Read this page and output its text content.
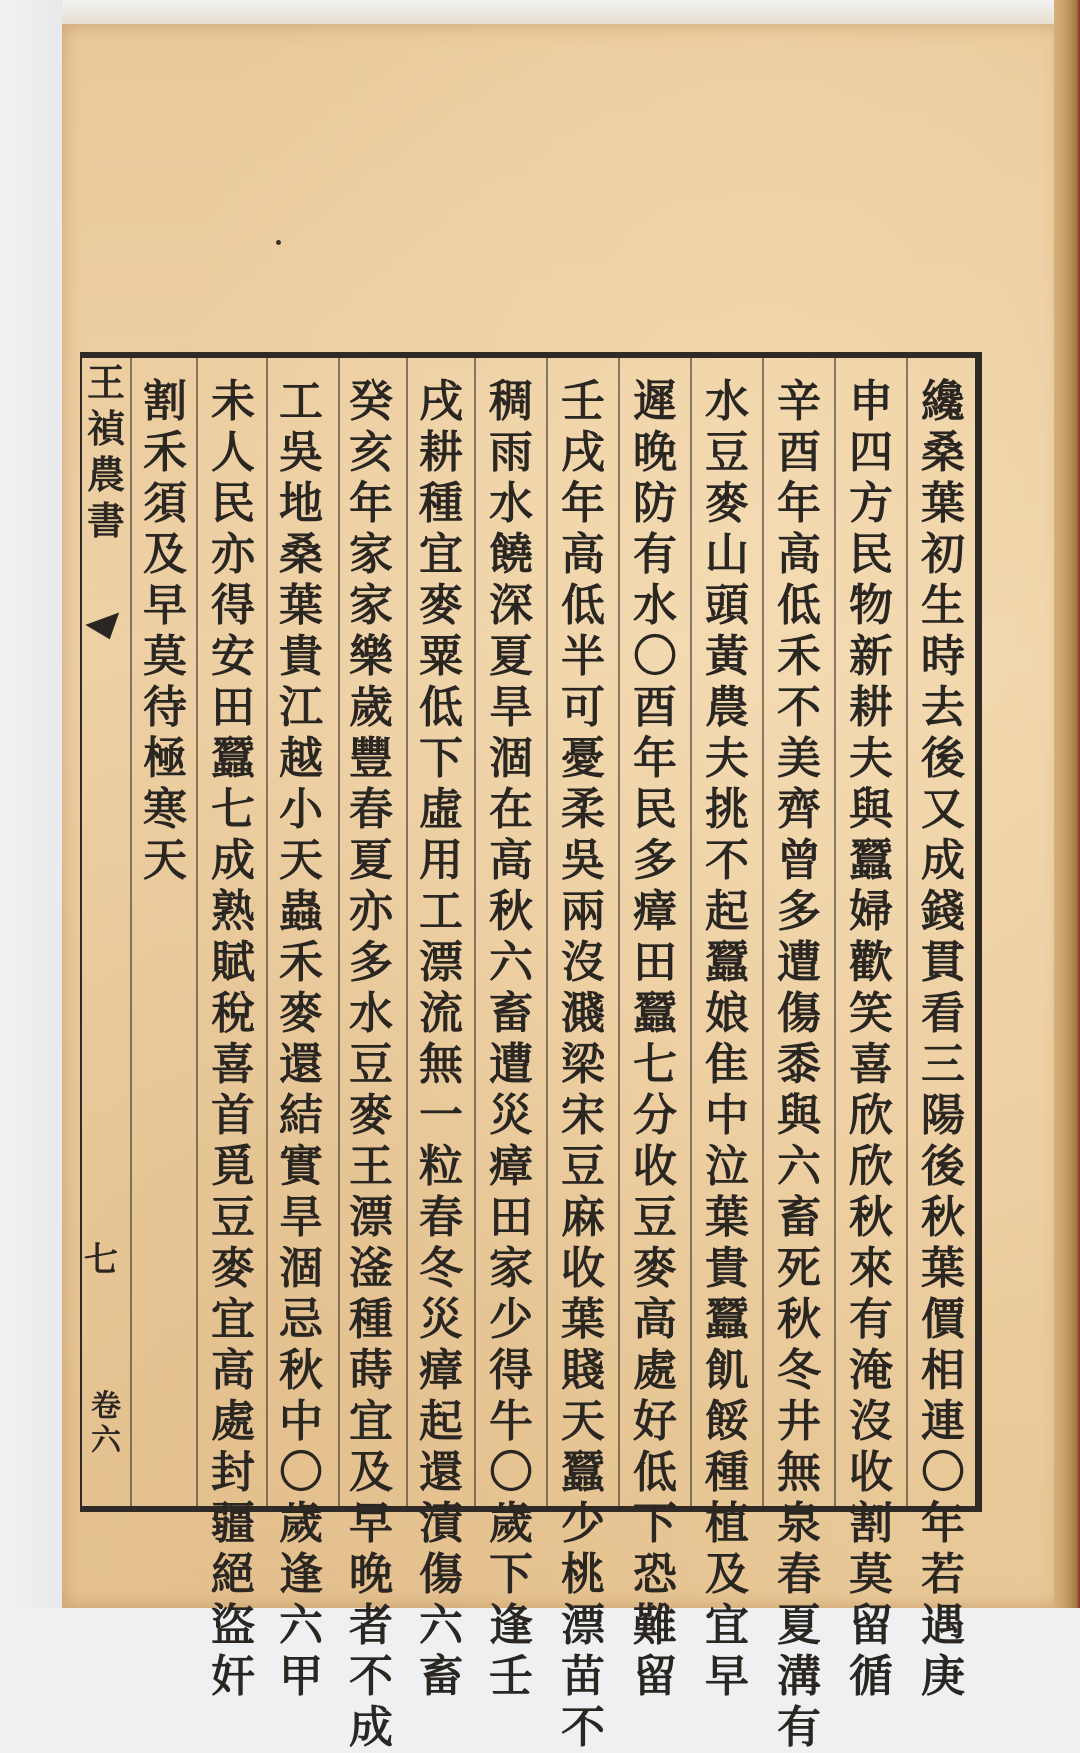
纔
桑
葉
初
生
時
去
後
又
成
錢
貫
看
三
陽
後
秋
葉
價
相
連
〇
年
若
遇
庚
申
四
方
民
物
新
耕
夫
與
蠶
婦
歡
笑
喜
欣
欣
秋
來
有
淹
沒
收
割
莫
留
循
辛
酉
年
高
低
禾
不
美
齊
曾
多
遭
傷
黍
與
六
畜
死
秋
冬
井
無
泉
春
夏
溝
有
水
豆
麥
山
頭
黃
農
夫
挑
不
起
蠶
娘
隹
中
泣
葉
貴
蠶
飢
餒
種
植
及
宜
早
遲
晚
防
有
水
〇
酉
年
民
多
瘴
田
蠶
七
分
收
豆
麥
高
處
好
低
下
恐
難
留
壬
戌
年
高
低
半
可
憂
柔
吳
兩
沒
濺
梁
宋
豆
麻
收
葉
賤
天
蠶
少
桃
漂
苗
不
稠
雨
水
饒
深
夏
旱
涸
在
高
秋
六
畜
遭
災
瘴
田
家
少
得
牛
〇
歲
下
逢
壬
戌
耕
種
宜
麥
粟
低
下
虛
用
工
漂
流
無
一
粒
春
冬
災
瘴
起
還
漬
傷
六
畜
癸
亥
年
家
家
樂
歲
豐
春
夏
亦
多
水
豆
麥
王
漂
滏
種
蒔
宜
及
早
晚
者
不
成
工
吳
地
桑
葉
貴
江
越
小
天
蟲
禾
麥
還
結
實
旱
涸
忌
秋
中
〇
歲
逢
六
甲
未
人
民
亦
得
安
田
蠶
七
成
熟
賦
稅
喜
首
覓
豆
麥
宜
高
處
封
疆
絕
盜
奸
割
禾
須
及
早
莫
待
極
寒
天
王
禎
農
書
七
卷
六
